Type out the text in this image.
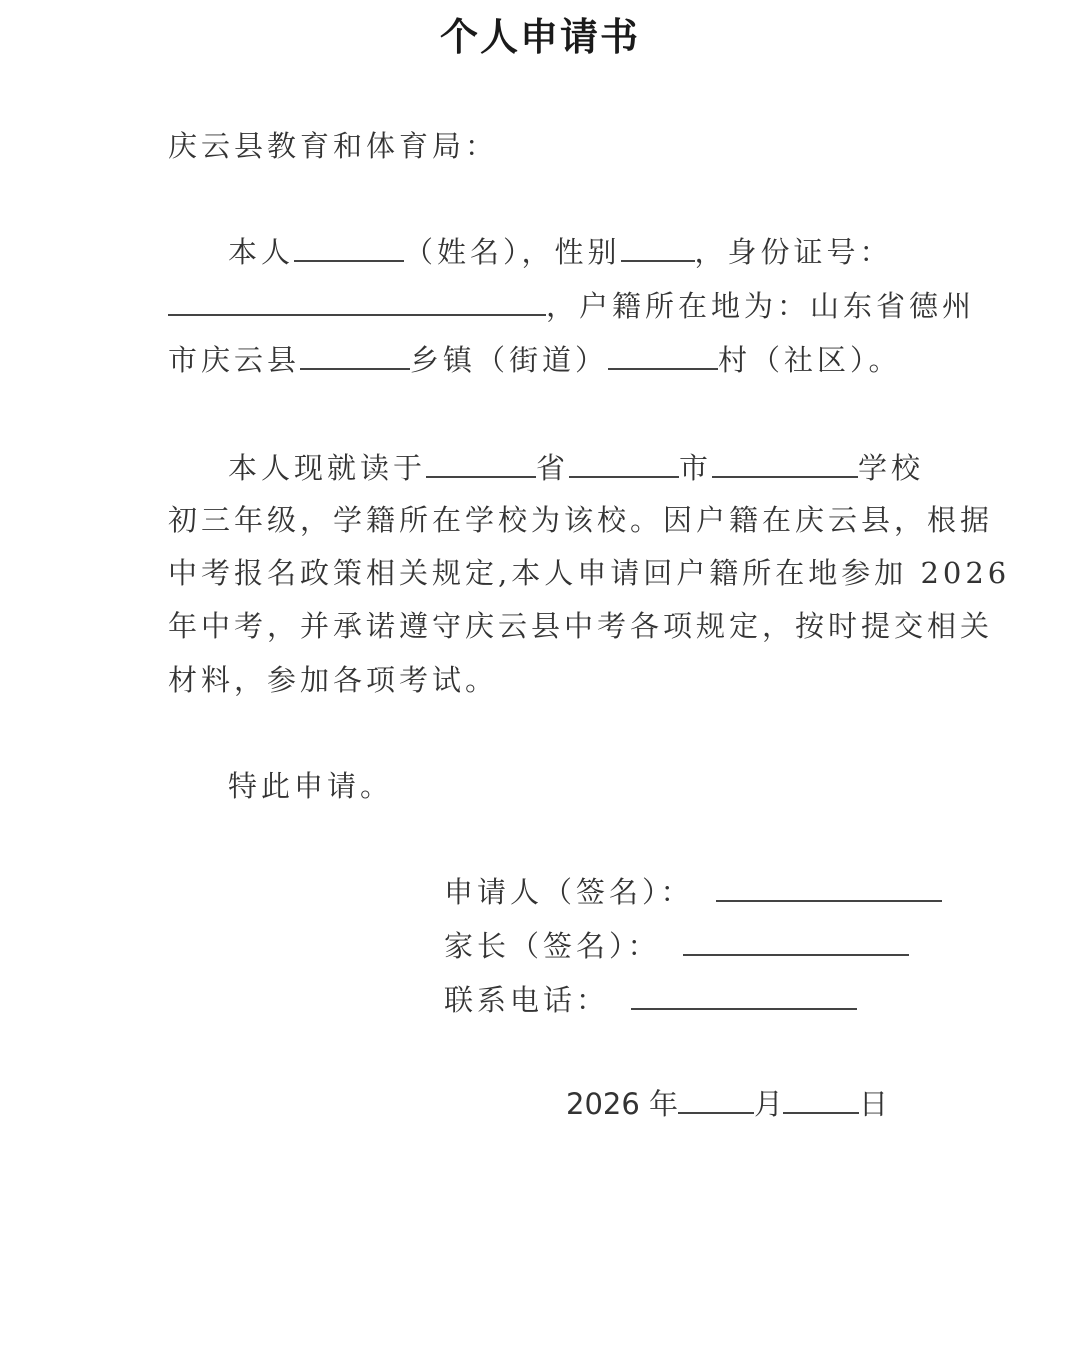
个人申请书
庆云县教育和体育局：
本人	（姓名），性别	，身份证号：
，户籍所在地为：山东省德州
市庆云县	乡镇（街道）	村（社区）。
本人现就读于	省	市	学校
初三年级，学籍所在学校为该校。因户籍在庆云县，根据
中考报名政策相关规定,本人申请回户籍所在地参加 2026
年中考，并承诺遵守庆云县中考各项规定，按时提交相关
材料，参加各项考试。
特此申请。
申请人（签名）：
家长（签名）：
联系电话：
2026 年	月	日
